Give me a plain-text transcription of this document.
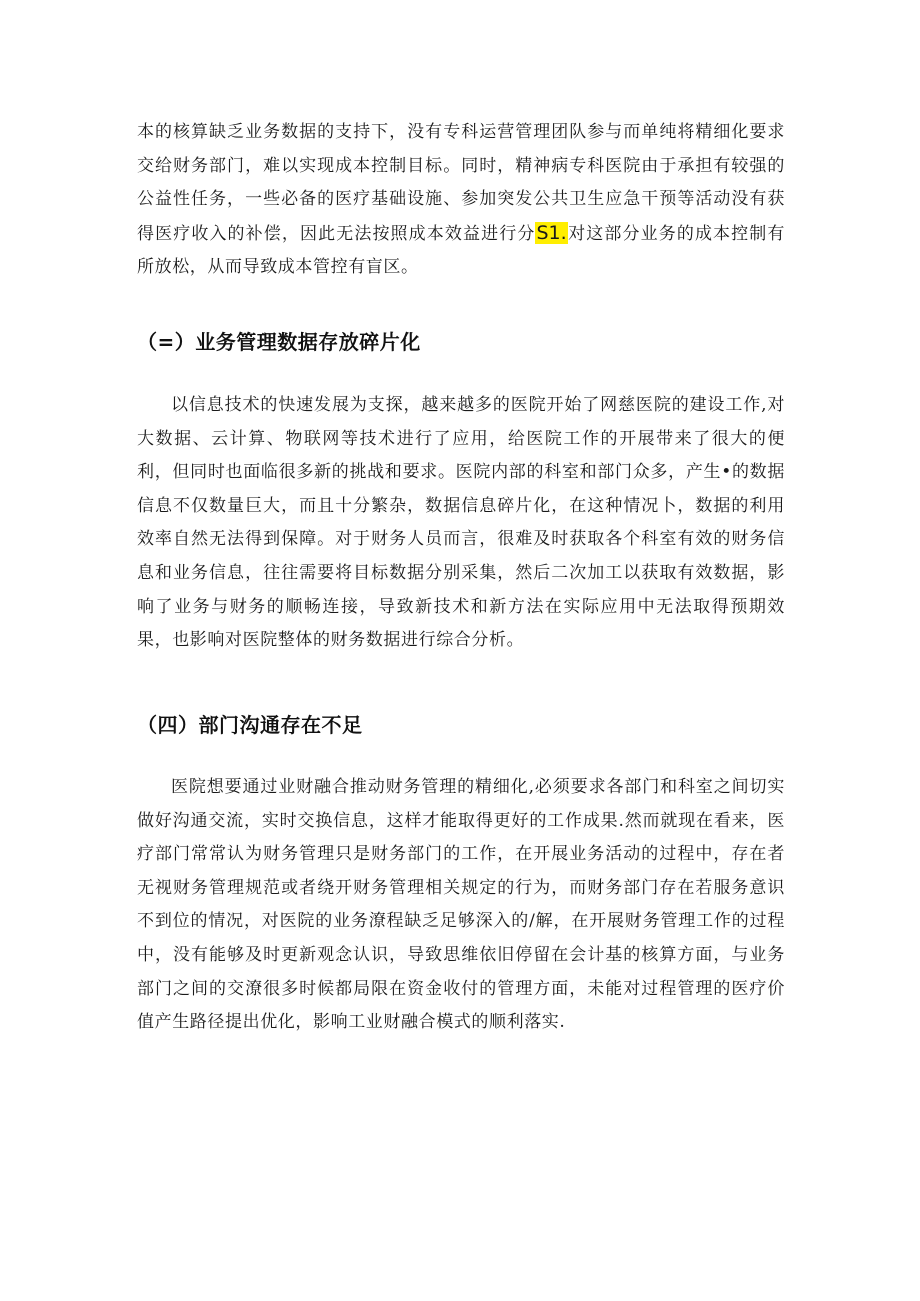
本的核算缺乏业务数据的支持下，没有专科运营管理团队参与而单纯将精细化要求交给财务部门，难以实现成本控制目标。同时，精神病专科医院由于承担有较强的公益性任务，一些必备的医疗基础设施、参加突发公共卫生应急干预等活动没有获得医疗收入的补偿，因此无法按照成本效益进行分S1.对这部分业务的成本控制有所放松，从而导致成本管控有盲区。

（=）业务管理数据存放碎片化

以信息技术的快速发展为支探，越来越多的医院开始了网慈医院的建设工作,对大数据、云计算、物联网等技术进行了应用，给医院工作的开展带来了很大的便利，但同时也面临很多新的挑战和要求。医院内部的科室和部门众多，产生•的数据信息不仅数量巨大，而且十分繁杂，数据信息碎片化，在这种情况卜，数据的利用效率自然无法得到保障。对于财务人员而言，很难及时获取各个科室有效的财务信息和业务信息，往往需要将目标数据分别采集，然后二次加工以获取有效数据，影响了业务与财务的顺畅连接，导致新技术和新方法在实际应用中无法取得预期效果，也影响对医院整体的财务数据进行综合分析。

（四）部门沟通存在不足

医院想要通过业财融合推动财务管理的精细化,必须要求各部门和科室之间切实做好沟通交流，实时交换信息，这样才能取得更好的工作成果.然而就现在看来，医疗部门常常认为财务管理只是财务部门的工作，在开展业务活动的过程中，存在者无视财务管理规范或者绕开财务管理相关规定的行为，而财务部门存在若服务意识不到位的情况，对医院的业务潦程缺乏足够深入的/解，在开展财务管理工作的过程中，没有能够及时更新观念认识，导致思维依旧停留在会计基的核算方面，与业务部门之间的交潦很多时候都局限在资金收付的管理方面，未能对过程管理的医疗价值产生路径提出优化，影响工业财融合模式的顺利落实.
